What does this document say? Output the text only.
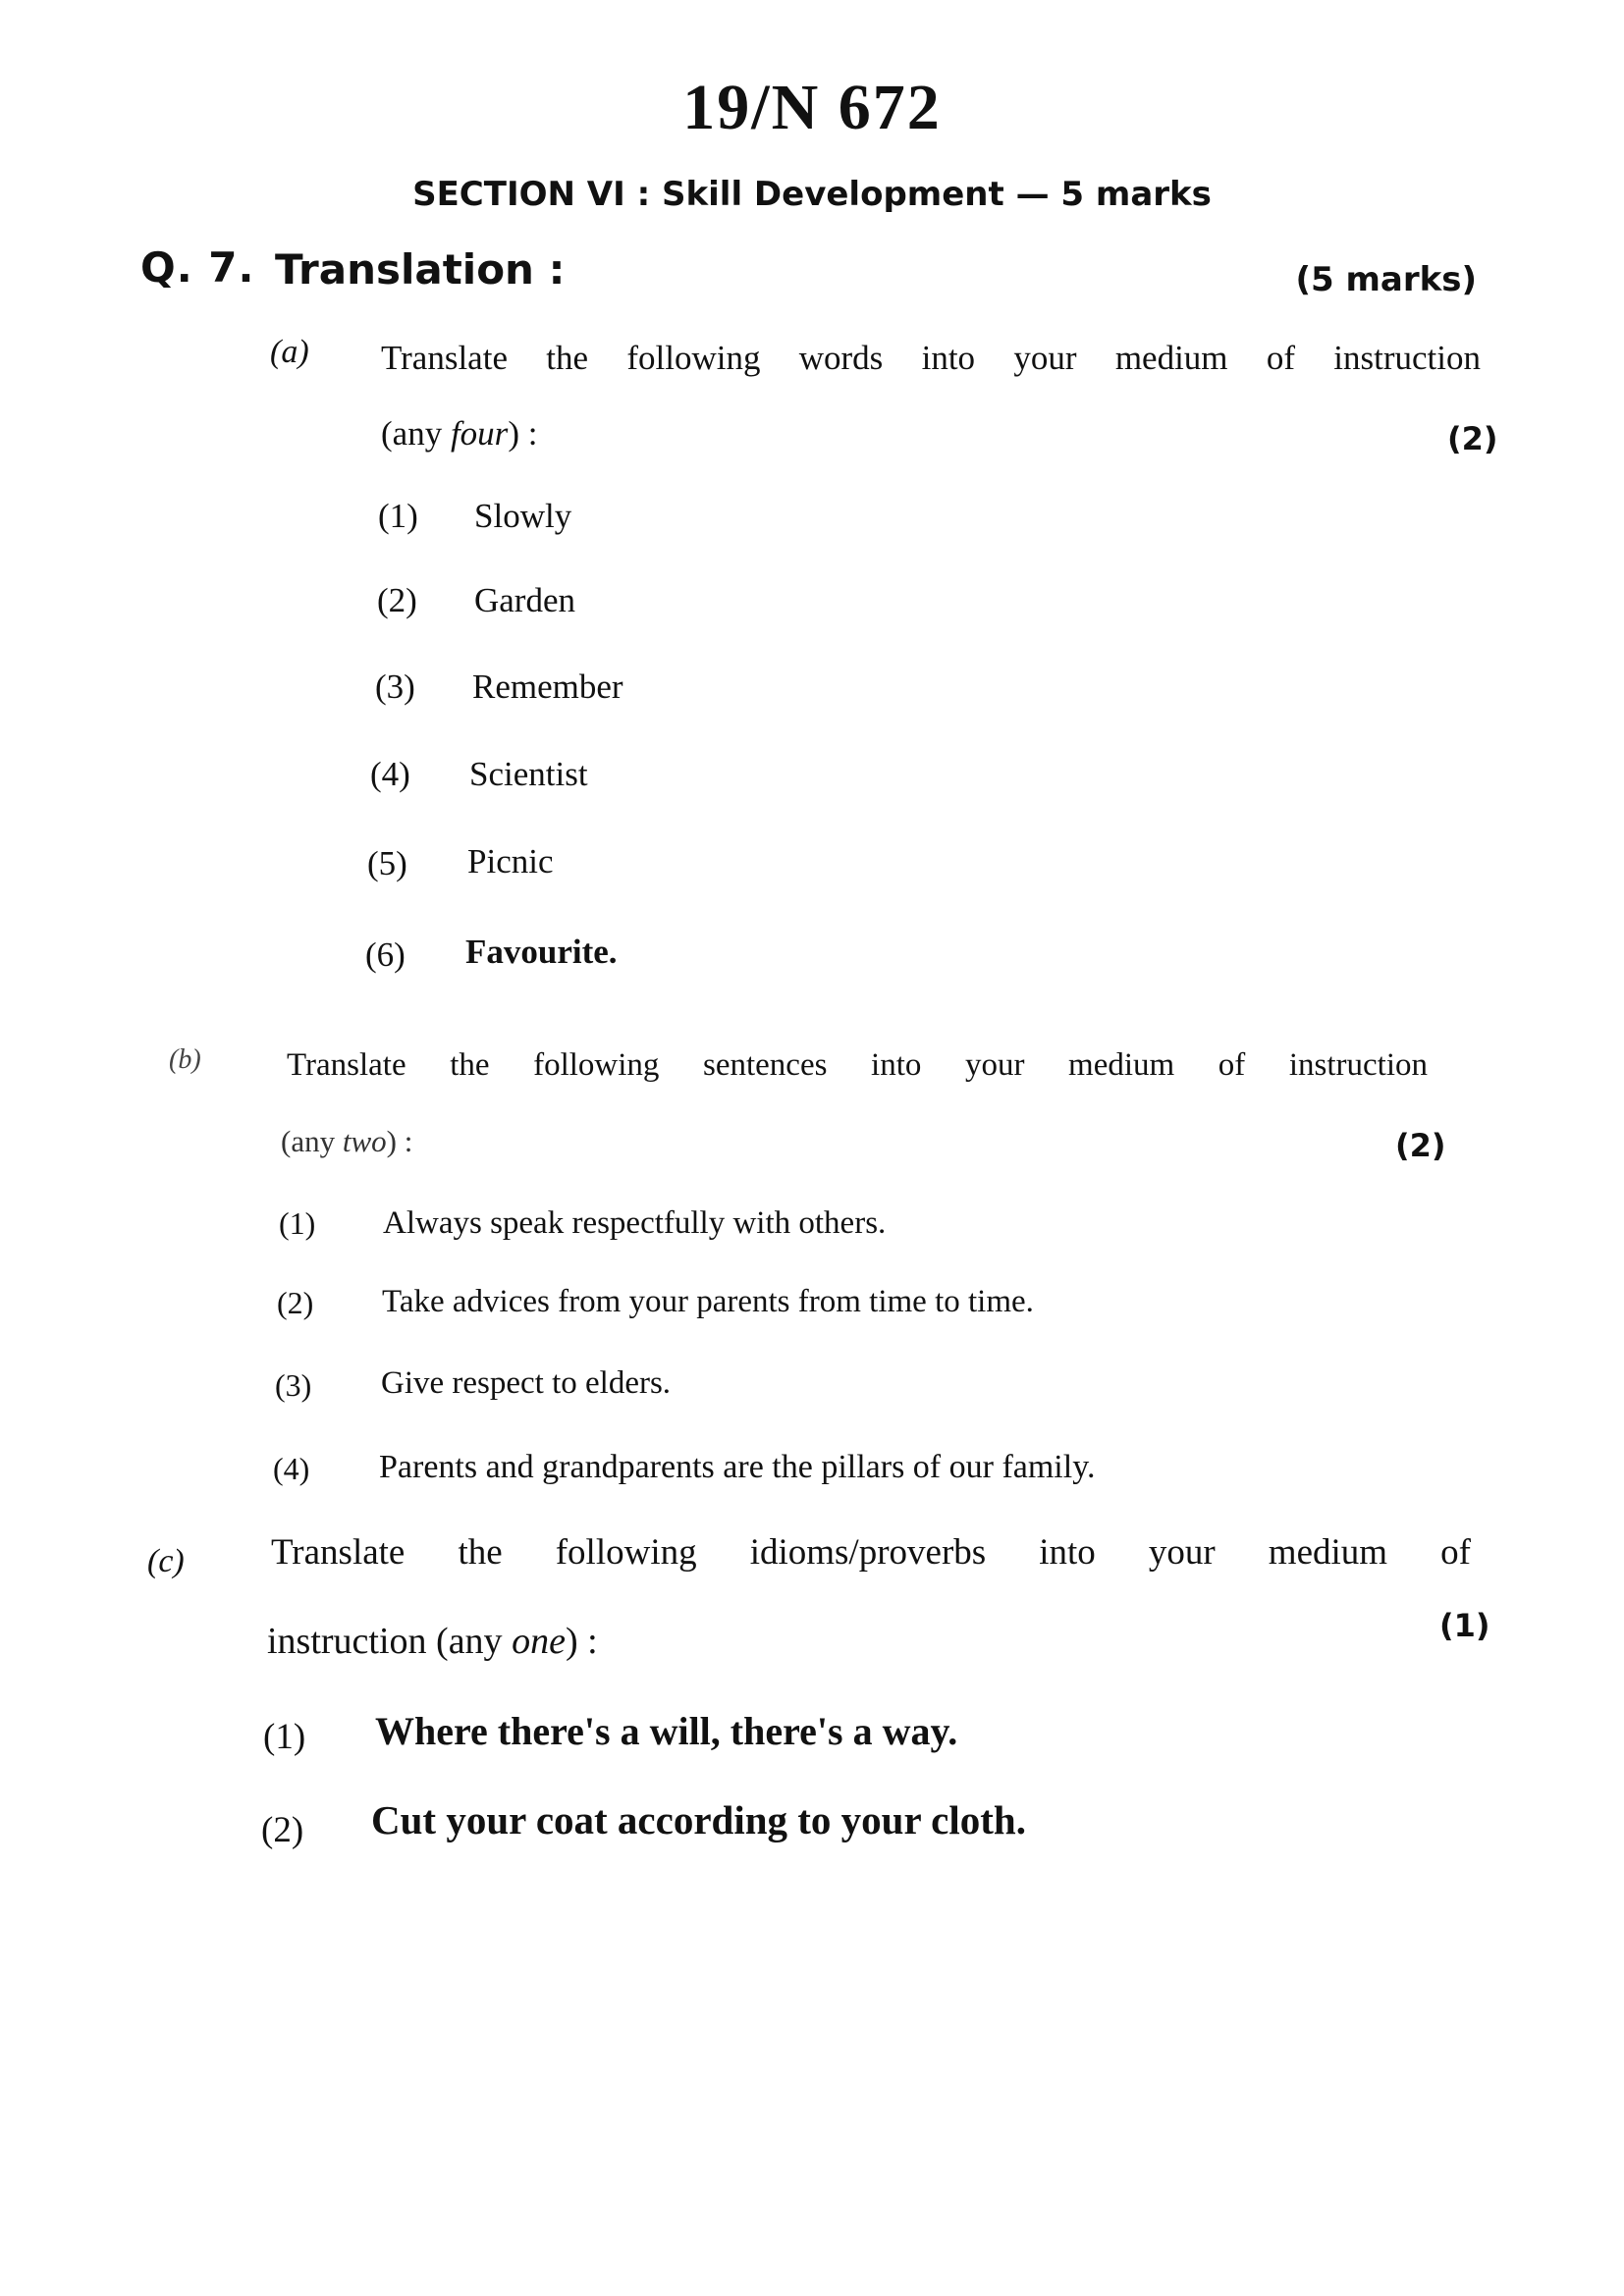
19/N 672
SECTION VI : Skill Development — 5 marks
Q. 7. Translation :	(5 marks)
(a) Translate the following words into your medium of instruction
(any four) :	(2)
(1) Slowly
(2) Garden
(3) Remember
(4) Scientist
(5) Picnic
(6) Favourite.
(b)	Translate the following sentences into your medium of instruction
(any two) :	(2)
(1) Always speak respectfully with others.
(2) Take advices from your parents from time to time.
(3) Give respect to elders.
(4) Parents and grandparents are the pillars of our family.
(c) Translate the following idioms/proverbs into your medium of
instruction (any one) :	(1)
(1) Where there's a will, there's a way.
(2) Cut your coat according to your cloth.
